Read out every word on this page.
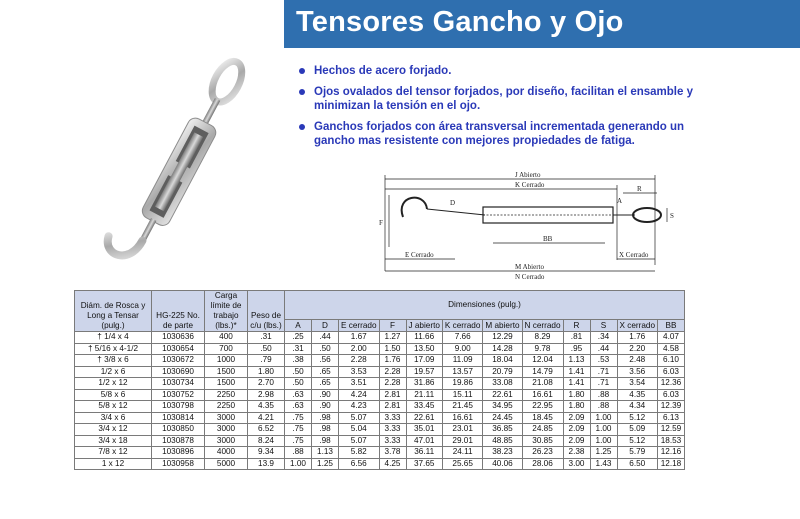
Tensores Gancho y Ojo
Hechos de acero forjado.
Ojos ovalados del tensor forjados, por diseño, facilitan el ensamble y minimizan la tensión en el ojo.
Ganchos forjados con área transversal incrementada generando un gancho mas resistente con mejores propiedades de fatiga.
J Abierto
K Cerrado	R
D	A
F
S
BB
E Cerrado	X Cerrado
M Abierto
N Cerrado
Diám. de Rosca y Long a Tensar (pulg.)	HG-225 No. de parte	Carga límite de trabajo (lbs.)*	Peso de c/u (lbs.)	Dimensiones (pulg.)											
				A	D	E cerrado	F	J abierto	K cerrado	M abierto	N cerrado	R	S	X cerrado	BB
† 1/4 x 4	1030636	400	.31	.25	.44	1.67	1.27	11.66	7.66	12.29	8.29	.81	.34	1.76	4.07
† 5/16 x 4-1/2	1030654	700	.50	.31	.50	2.00	1.50	13.50	9.00	14.28	9.78	.95	.44	2.20	4.58
† 3/8 x 6	1030672	1000	.79	.38	.56	2.28	1.76	17.09	11.09	18.04	12.04	1.13	.53	2.48	6.10
1/2 x 6	1030690	1500	1.80	.50	.65	3.53	2.28	19.57	13.57	20.79	14.79	1.41	.71	3.56	6.03
1/2 x 12	1030734	1500	2.70	.50	.65	3.51	2.28	31.86	19.86	33.08	21.08	1.41	.71	3.54	12.36
5/8 x 6	1030752	2250	2.98	.63	.90	4.24	2.81	21.11	15.11	22.61	16.61	1.80	.88	4.35	6.03
5/8 x 12	1030798	2250	4.35	.63	.90	4.23	2.81	33.45	21.45	34.95	22.95	1.80	.88	4.34	12.39
3/4 x 6	1030814	3000	4.21	.75	.98	5.07	3.33	22.61	16.61	24.45	18.45	2.09	1.00	5.12	6.13
3/4 x 12	1030850	3000	6.52	.75	.98	5.04	3.33	35.01	23.01	36.85	24.85	2.09	1.00	5.09	12.59
3/4 x 18	1030878	3000	8.24	.75	.98	5.07	3.33	47.01	29.01	48.85	30.85	2.09	1.00	5.12	18.53
7/8 x 12	1030896	4000	9.34	.88	1.13	5.82	3.78	36.11	24.11	38.23	26.23	2.38	1.25	5.79	12.16
1 x 12	1030958	5000	13.9	1.00	1.25	6.56	4.25	37.65	25.65	40.06	28.06	3.00	1.43	6.50	12.18
